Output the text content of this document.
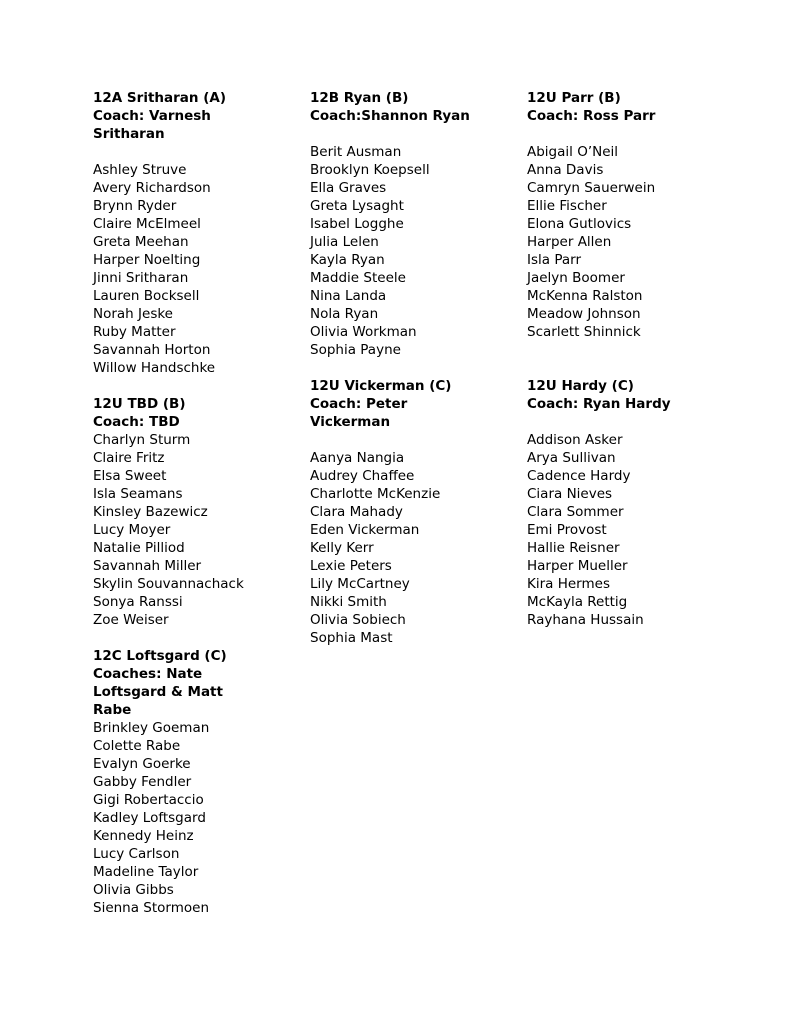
12A Sritharan (A)
Coach: Varnesh
Sritharan

Ashley Struve
Avery Richardson
Brynn Ryder
Claire McElmeel
Greta Meehan
Harper Noelting
Jinni Sritharan
Lauren Bocksell
Norah Jeske
Ruby Matter
Savannah Horton
Willow Handschke

12U TBD (B)
Coach: TBD
Charlyn Sturm
Claire Fritz
Elsa Sweet
Isla Seamans
Kinsley Bazewicz
Lucy Moyer
Natalie Pilliod
Savannah Miller
Skylin Souvannachack
Sonya Ranssi
Zoe Weiser

12C Loftsgard (C)
Coaches: Nate
Loftsgard & Matt
Rabe
Brinkley Goeman
Colette Rabe
Evalyn Goerke
Gabby Fendler
Gigi Robertaccio
Kadley Loftsgard
Kennedy Heinz
Lucy Carlson
Madeline Taylor
Olivia Gibbs
Sienna Stormoen
12B Ryan (B)
Coach:Shannon Ryan

Berit Ausman
Brooklyn Koepsell
Ella Graves
Greta Lysaght
Isabel Logghe
Julia Lelen
Kayla Ryan
Maddie Steele
Nina Landa
Nola Ryan
Olivia Workman
Sophia Payne

12U Vickerman (C)
Coach: Peter
Vickerman

Aanya Nangia
Audrey Chaffee
Charlotte McKenzie
Clara Mahady
Eden Vickerman
Kelly Kerr
Lexie Peters
Lily McCartney
Nikki Smith
Olivia Sobiech
Sophia Mast
12U Parr (B)
Coach: Ross Parr

Abigail O’Neil
Anna Davis
Camryn Sauerwein
Ellie Fischer
Elona Gutlovics
Harper Allen
Isla Parr
Jaelyn Boomer
McKenna Ralston
Meadow Johnson
Scarlett Shinnick

12U Hardy (C)
Coach: Ryan Hardy

Addison Asker
Arya Sullivan
Cadence Hardy
Ciara Nieves
Clara Sommer
Emi Provost
Hallie Reisner
Harper Mueller
Kira Hermes
McKayla Rettig
Rayhana Hussain
